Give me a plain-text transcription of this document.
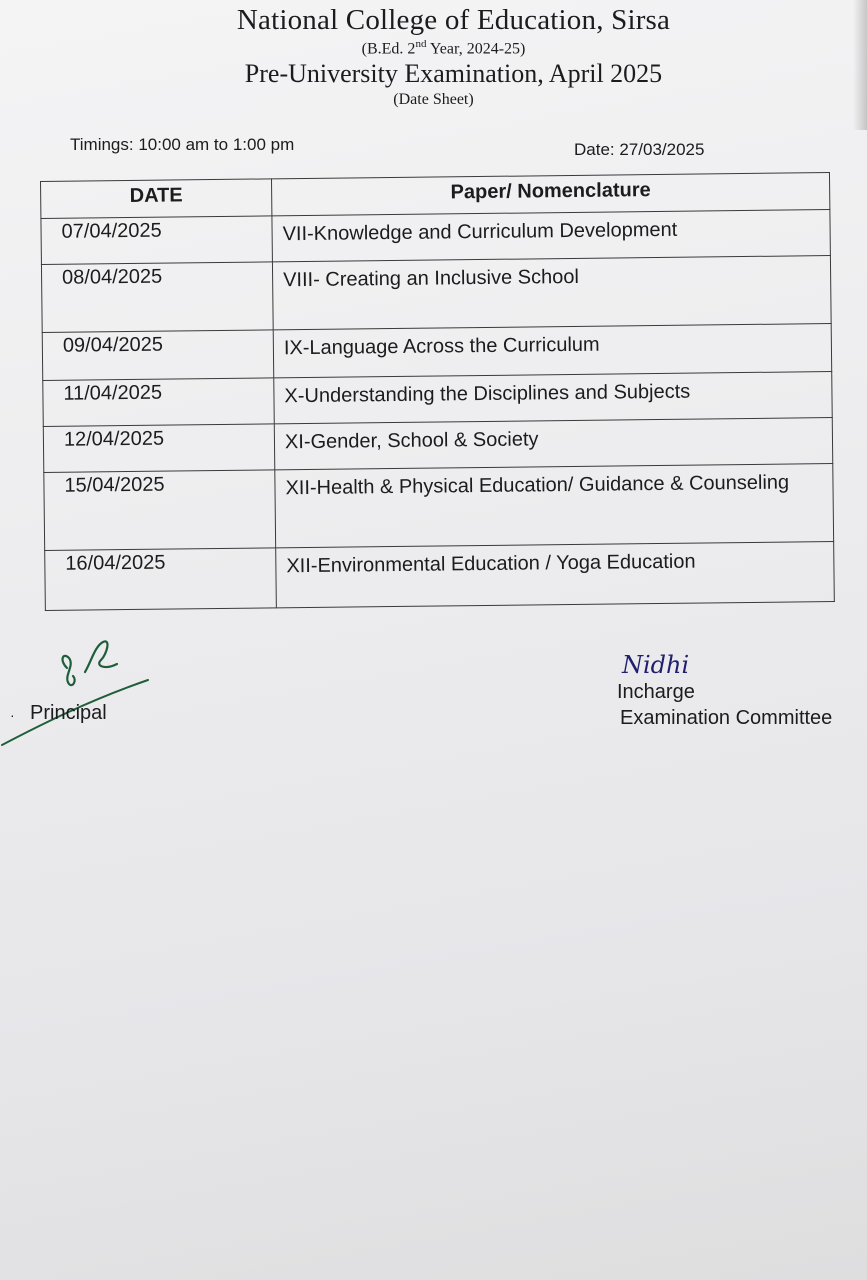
National College of Education, Sirsa
(B.Ed. 2nd Year, 2024-25)
Pre-University Examination, April 2025
(Date Sheet)
Timings: 10:00 am to 1:00 pm	Date: 27/03/2025
DATE	Paper/ Nomenclature
07/04/2025	VII-Knowledge and Curriculum Development
08/04/2025	VIII- Creating an Inclusive School
09/04/2025	IX-Language Across the Curriculum
11/04/2025	X-Understanding the Disciplines and Subjects
12/04/2025	XI-Gender, School & Society
15/04/2025	XII-Health & Physical Education/ Guidance & Counseling
16/04/2025	XII-Environmental Education / Yoga Education
· Principal
Nidhi
Incharge
Examination Committee
